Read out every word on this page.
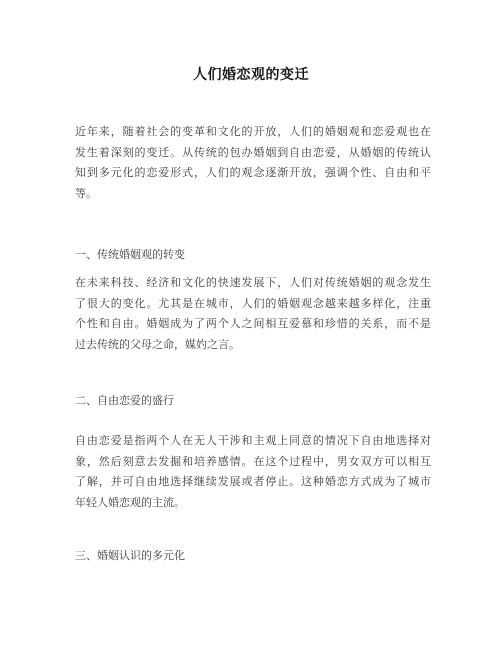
人们婚恋观的变迁

近年来，随着社会的变革和文化的开放，人们的婚姻观和恋爱观也在
发生着深刻的变迁。从传统的包办婚姻到自由恋爱，从婚姻的传统认
知到多元化的恋爱形式，人们的观念逐渐开放，强调个性、自由和平
等。

一、传统婚姻观的转变

在未来科技、经济和文化的快速发展下，人们对传统婚姻的观念发生
了很大的变化。尤其是在城市，人们的婚姻观念越来越多样化，注重
个性和自由。婚姻成为了两个人之间相互爱慕和珍惜的关系，而不是
过去传统的父母之命，媒妁之言。

二、自由恋爱的盛行

自由恋爱是指两个人在无人干涉和主观上同意的情况下自由地选择对
象，然后刻意去发掘和培养感情。在这个过程中，男女双方可以相互
了解，并可自由地选择继续发展或者停止。这种婚恋方式成为了城市
年轻人婚恋观的主流。

三、婚姻认识的多元化
